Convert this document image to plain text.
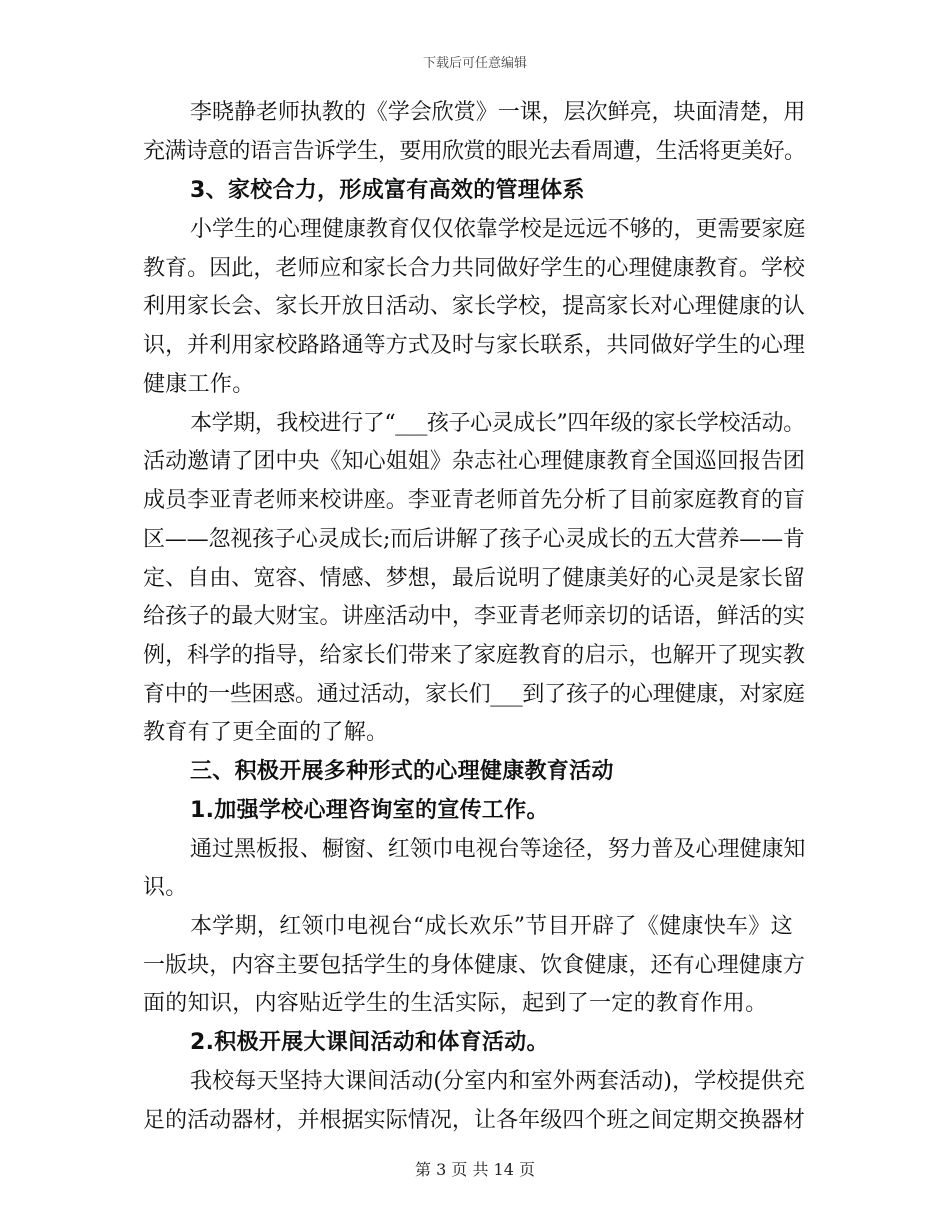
下载后可任意编辑
李晓静老师执教的《学会欣赏》一课，层次鲜亮，块面清楚，用
充满诗意的语言告诉学生，要用欣赏的眼光去看周遭，生活将更美好。
3、家校合力，形成富有高效的管理体系
小学生的心理健康教育仅仅依靠学校是远远不够的，更需要家庭
教育。因此，老师应和家长合力共同做好学生的心理健康教育。学校
利用家长会、家长开放日活动、家长学校，提高家长对心理健康的认
识，并利用家校路路通等方式及时与家长联系，共同做好学生的心理
健康工作。
本学期，我校进行了“___孩子心灵成长”四年级的家长学校活动。
活动邀请了团中央《知心姐姐》杂志社心理健康教育全国巡回报告团
成员李亚青老师来校讲座。李亚青老师首先分析了目前家庭教育的盲
区——忽视孩子心灵成长;而后讲解了孩子心灵成长的五大营养——肯
定、自由、宽容、情感、梦想，最后说明了健康美好的心灵是家长留
给孩子的最大财宝。讲座活动中，李亚青老师亲切的话语，鲜活的实
例，科学的指导，给家长们带来了家庭教育的启示，也解开了现实教
育中的一些困惑。通过活动，家长们___到了孩子的心理健康，对家庭
教育有了更全面的了解。
三、积极开展多种形式的心理健康教育活动
1.加强学校心理咨询室的宣传工作。
通过黑板报、橱窗、红领巾电视台等途径，努力普及心理健康知
识。
本学期，红领巾电视台“成长欢乐”节目开辟了《健康快车》这
一版块，内容主要包括学生的身体健康、饮食健康，还有心理健康方
面的知识，内容贴近学生的生活实际，起到了一定的教育作用。
2.积极开展大课间活动和体育活动。
我校每天坚持大课间活动(分室内和室外两套活动)，学校提供充
足的活动器材，并根据实际情况，让各年级四个班之间定期交换器材
第 3 页 共 14 页
